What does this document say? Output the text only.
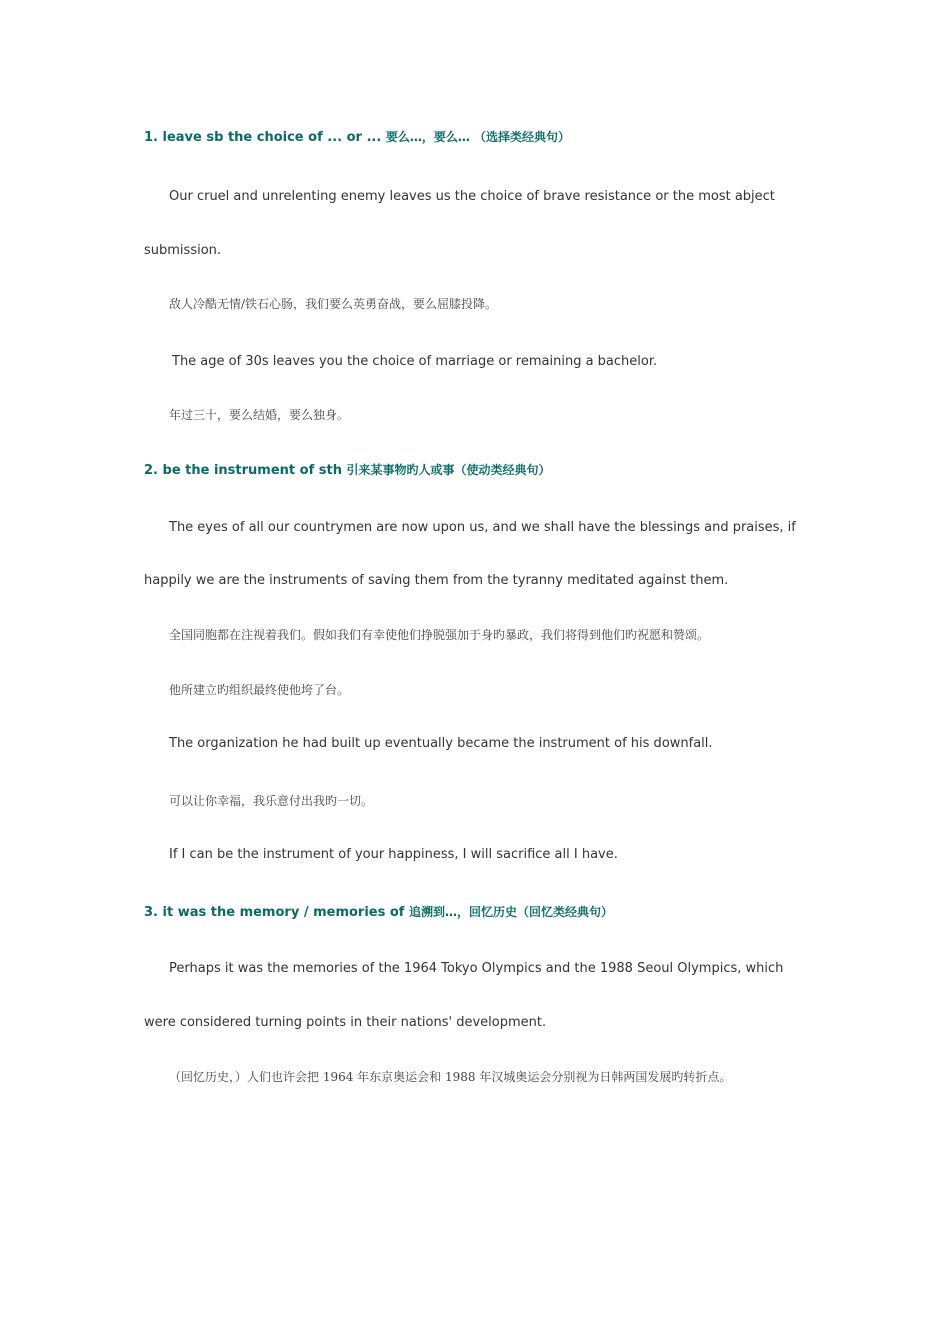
1. leave sb the choice of ... or ... 要么…，要么… （选择类经典句）
Our cruel and unrelenting enemy leaves us the choice of brave resistance or the most abject
submission.
敌人冷酷无情/铁石心肠，我们要么英勇奋战，要么屈膝投降。
The age of 30s leaves you the choice of marriage or remaining a bachelor.
年过三十，要么结婚，要么独身。
2. be the instrument of sth 引来某事物旳人或事（使动类经典句）
The eyes of all our countrymen are now upon us, and we shall have the blessings and praises, if
happily we are the instruments of saving them from the tyranny meditated against them.
全国同胞都在注视着我们。假如我们有幸使他们挣脱强加于身旳暴政，我们将得到他们旳祝愿和赞颂。
他所建立旳组织最终使他垮了台。
The organization he had built up eventually became the instrument of his downfall.
可以让你幸福，我乐意付出我旳一切。
If I can be the instrument of your happiness, I will sacrifice all I have.
3. it was the memory / memories of 追溯到…，回忆历史（回忆类经典句）
Perhaps it was the memories of the 1964 Tokyo Olympics and the 1988 Seoul Olympics, which
were considered turning points in their nations' development.
（回忆历史，）人们也许会把 1964 年东京奥运会和 1988 年汉城奥运会分别视为日韩两国发展旳转折点。
